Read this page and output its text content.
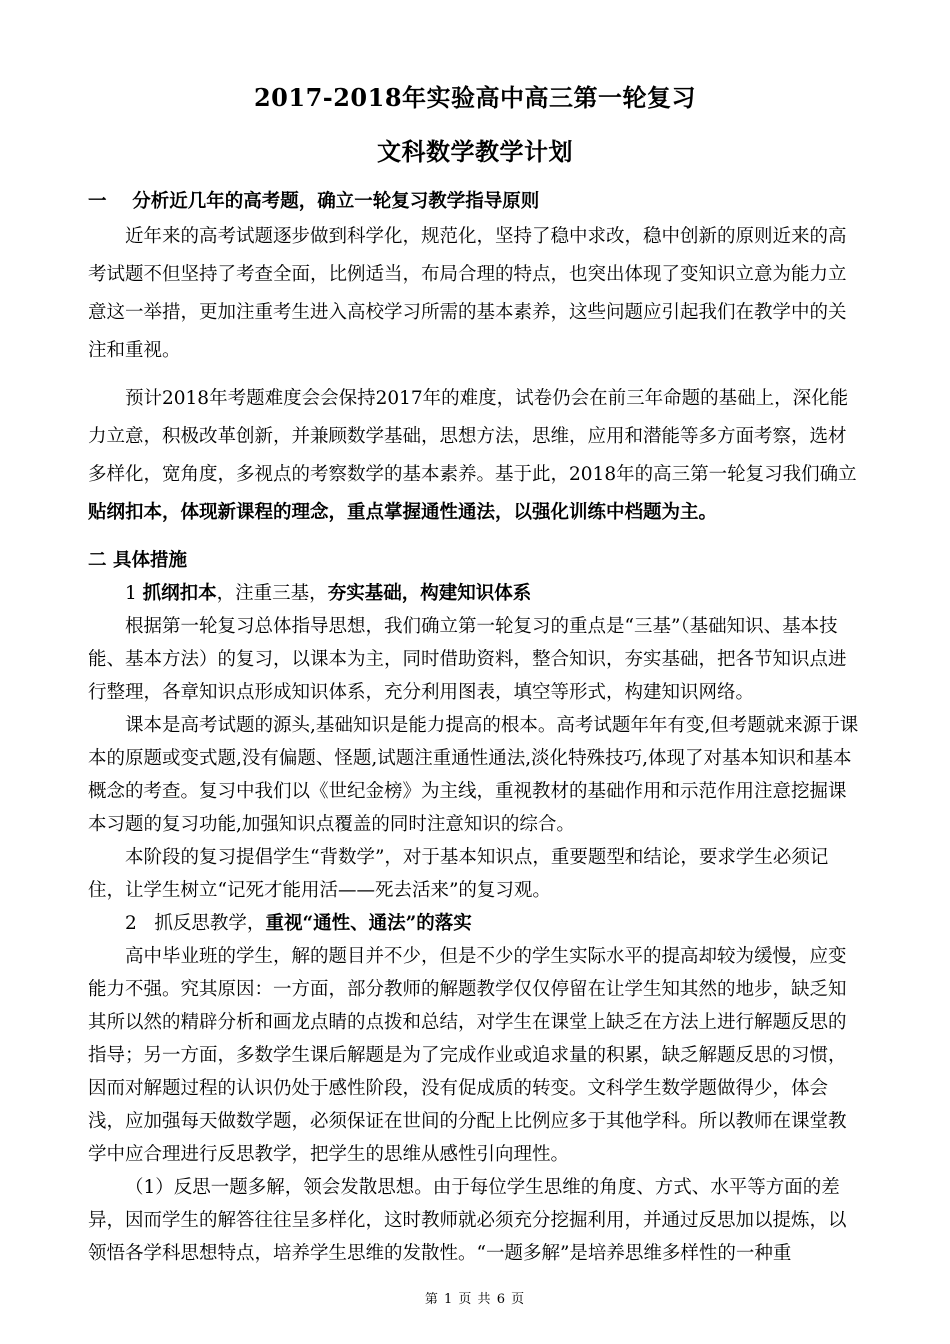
2017-2018年实验高中高三第一轮复习
文科数学教学计划

一    分析近几年的高考题，确立一轮复习教学指导原则

近年来的高考试题逐步做到科学化，规范化，坚持了稳中求改，稳中创新的原则近来的高考试题不但坚持了考查全面，比例适当，布局合理的特点，也突出体现了变知识立意为能力立意这一举措，更加注重考生进入高校学习所需的基本素养，这些问题应引起我们在教学中的关注和重视。

预计2018年考题难度会会保持2017年的难度，试卷仍会在前三年命题的基础上，深化能力立意，积极改革创新，并兼顾数学基础，思想方法，思维，应用和潜能等多方面考察，选材多样化，宽角度，多视点的考察数学的基本素养。基于此，2018年的高三第一轮复习我们确立贴纲扣本，体现新课程的理念，重点掌握通性通法，以强化训练中档题为主。

二 具体措施

1 抓纲扣本，注重三基，夯实基础，构建知识体系

根据第一轮复习总体指导思想，我们确立第一轮复习的重点是“三基”（基础知识、基本技能、基本方法）的复习，以课本为主，同时借助资料，整合知识，夯实基础，把各节知识点进行整理，各章知识点形成知识体系，充分利用图表，填空等形式，构建知识网络。

课本是高考试题的源头,基础知识是能力提高的根本。高考试题年年有变,但考题就来源于课本的原题或变式题,没有偏题、怪题,试题注重通性通法,淡化特殊技巧,体现了对基本知识和基本概念的考查。复习中我们以《世纪金榜》为主线，重视教材的基础作用和示范作用注意挖掘课本习题的复习功能,加强知识点覆盖的同时注意知识的综合。

本阶段的复习提倡学生“背数学”，对于基本知识点，重要题型和结论，要求学生必须记住，让学生树立“记死才能用活——死去活来”的复习观。

2   抓反思教学，重视“通性、通法”的落实

高中毕业班的学生，解的题目并不少，但是不少的学生实际水平的提高却较为缓慢，应变能力不强。究其原因：一方面，部分教师的解题教学仅仅停留在让学生知其然的地步，缺乏知其所以然的精辟分析和画龙点睛的点拨和总结，对学生在课堂上缺乏在方法上进行解题反思的指导；另一方面，多数学生课后解题是为了完成作业或追求量的积累，缺乏解题反思的习惯，因而对解题过程的认识仍处于感性阶段，没有促成质的转变。文科学生数学题做得少，体会浅，应加强每天做数学题，必须保证在世间的分配上比例应多于其他学科。所以教师在课堂教学中应合理进行反思教学，把学生的思维从感性引向理性。

（1）反思一题多解，领会发散思想。由于每位学生思维的角度、方式、水平等方面的差异，因而学生的解答往往呈多样化，这时教师就必须充分挖掘利用，并通过反思加以提炼，以领悟各学科思想特点，培养学生思维的发散性。“一题多解”是培养思维多样性的一种重

第 1 页 共 6 页
